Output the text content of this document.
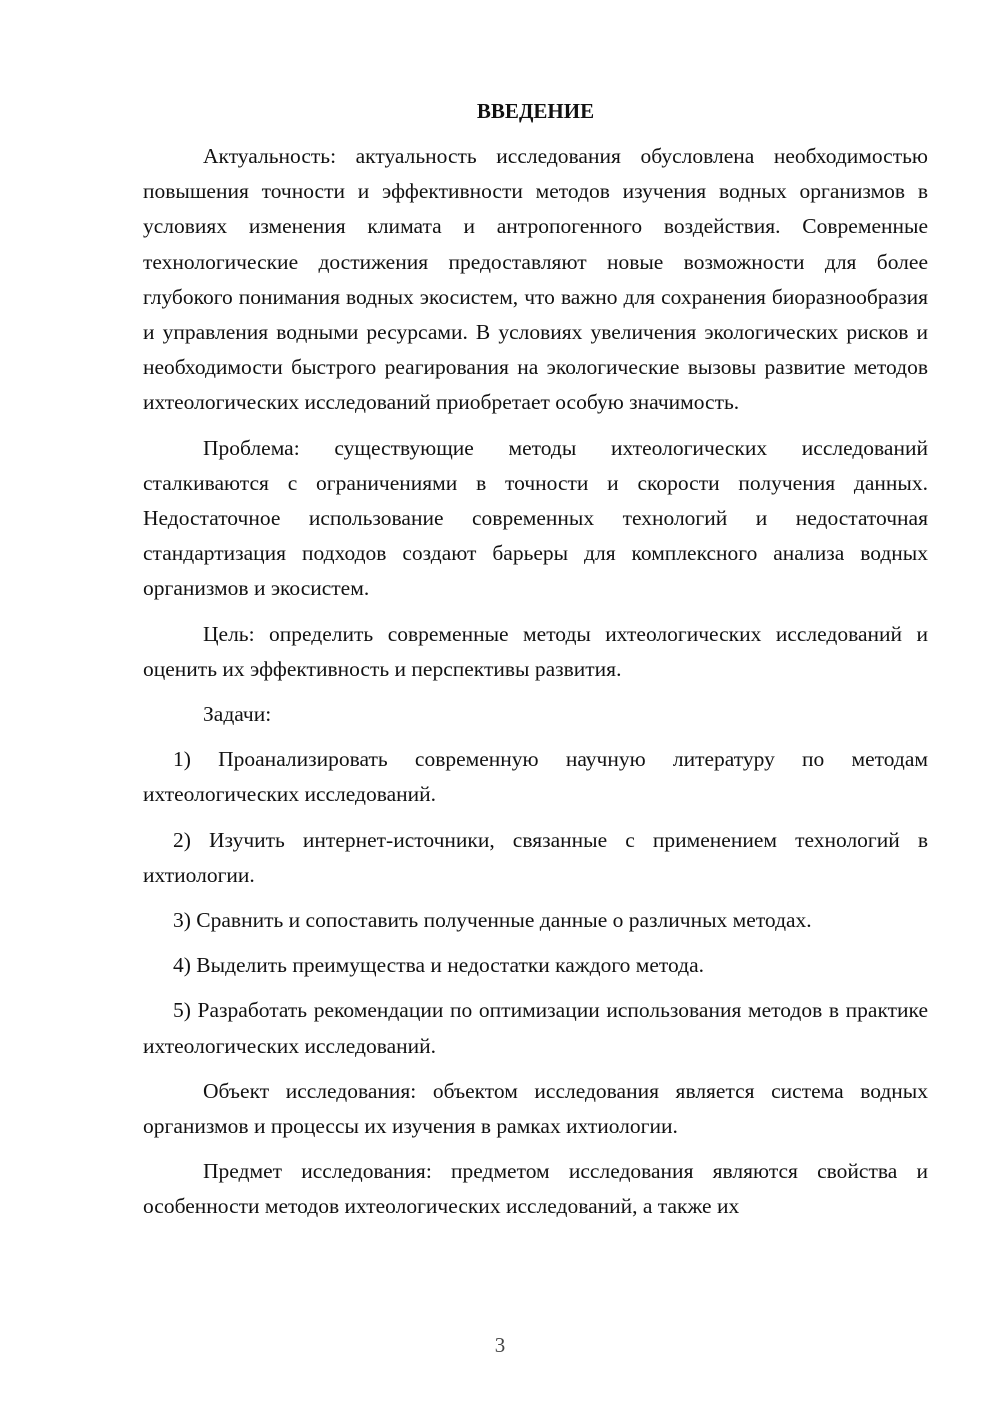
ВВЕДЕНИЕ

Актуальность: актуальность исследования обусловлена необходимостью повышения точности и эффективности методов изучения водных организмов в условиях изменения климата и антропогенного воздействия. Современные технологические достижения предоставляют новые возможности для более глубокого понимания водных экосистем, что важно для сохранения биоразнообразия и управления водными ресурсами. В условиях увеличения экологических рисков и необходимости быстрого реагирования на экологические вызовы развитие методов ихтеологических исследований приобретает особую значимость.

Проблема: существующие методы ихтеологических исследований сталкиваются с ограничениями в точности и скорости получения данных. Недостаточное использование современных технологий и недостаточная стандартизация подходов создают барьеры для комплексного анализа водных организмов и экосистем.

Цель: определить современные методы ихтеологических исследований и оценить их эффективность и перспективы развития.

Задачи:

1) Проанализировать современную научную литературу по методам ихтеологических исследований.

2) Изучить интернет-источники, связанные с применением технологий в ихтиологии.

3) Сравнить и сопоставить полученные данные о различных методах.

4) Выделить преимущества и недостатки каждого метода.

5) Разработать рекомендации по оптимизации использования методов в практике ихтеологических исследований.

Объект исследования: объектом исследования является система водных организмов и процессы их изучения в рамках ихтиологии.

Предмет исследования: предметом исследования являются свойства и особенности методов ихтеологических исследований, а также их

3
